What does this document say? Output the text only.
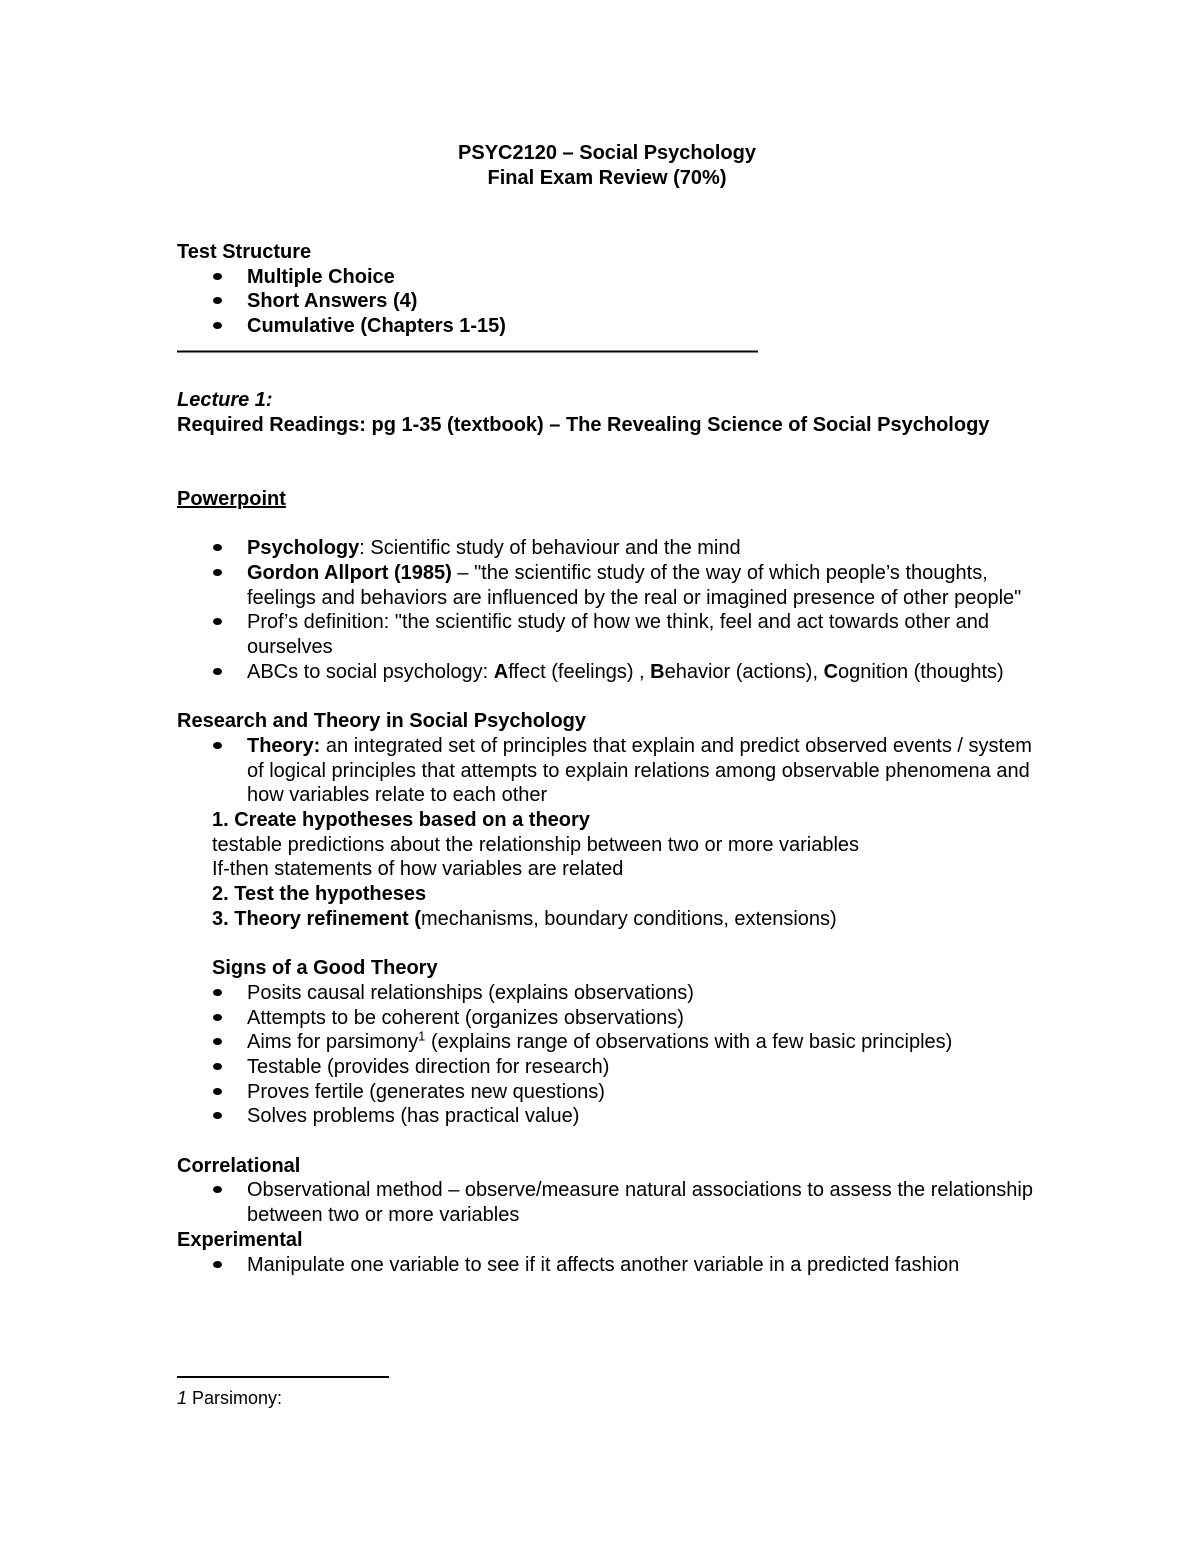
PSYC2120 – Social Psychology
Final Exam Review (70%)
Test Structure
Multiple Choice
Short Answers (4)
Cumulative (Chapters 1-15)
——————————————————————————————————
Lecture 1:
Required Readings: pg 1-35 (textbook) – The Revealing Science of Social Psychology
Powerpoint
Psychology: Scientific study of behaviour and the mind
Gordon Allport (1985) – "the scientific study of the way of which people’s thoughts, feelings and behaviors are influenced by the real or imagined presence of other people"
Prof’s definition: "the scientific study of how we think, feel and act towards other and ourselves
ABCs to social psychology: Affect (feelings) , Behavior (actions), Cognition (thoughts)
Research and Theory in Social Psychology
Theory: an integrated set of principles that explain and predict observed events / system of logical principles that attempts to explain relations among observable phenomena and how variables relate to each other
1. Create hypotheses based on a theory
testable predictions about the relationship between two or more variables
If-then statements of how variables are related
2. Test the hypotheses
3. Theory refinement (mechanisms, boundary conditions, extensions)
Signs of a Good Theory
Posits causal relationships (explains observations)
Attempts to be coherent (organizes observations)
Aims for parsimony$^1$ (explains range of observations with a few basic principles)
Testable (provides direction for research)
Proves fertile (generates new questions)
Solves problems (has practical value)
Correlational
Observational method – observe/measure natural associations to assess the relationship between two or more variables
Experimental
Manipulate one variable to see if it affects another variable in a predicted fashion
1 Parsimony:
